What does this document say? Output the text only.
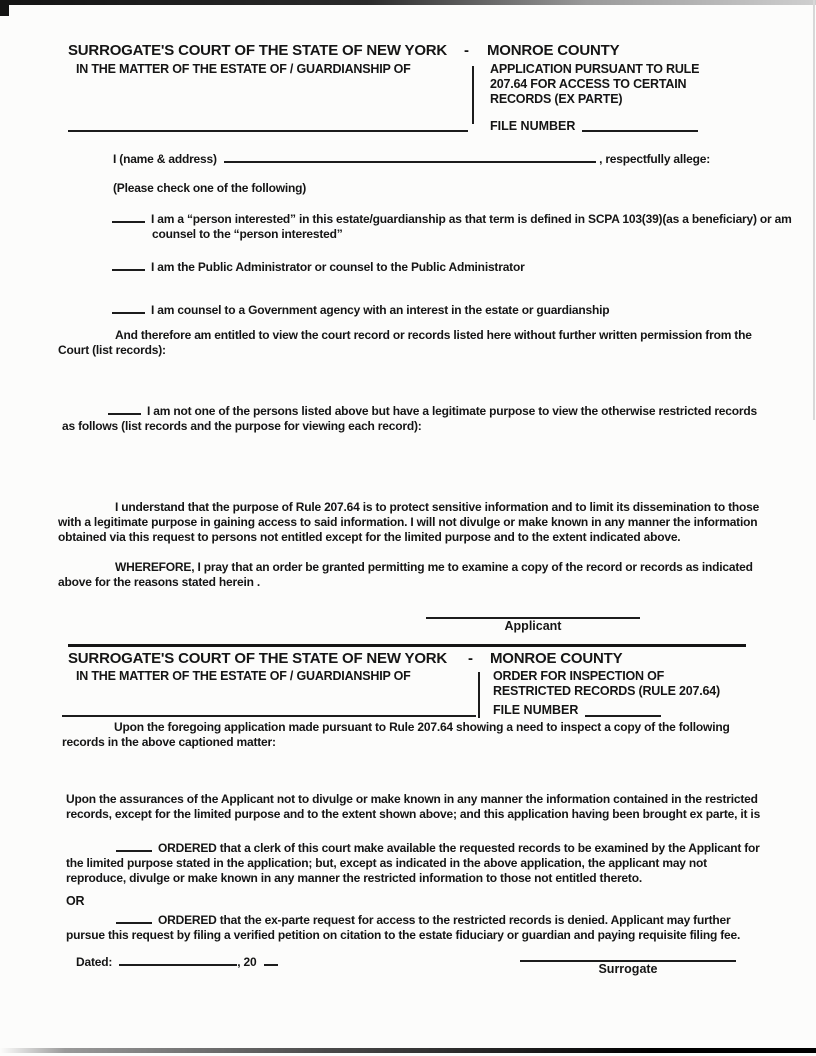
SURROGATE'S COURT OF THE STATE OF NEW YORK - MONROE COUNTY
IN THE MATTER OF THE ESTATE OF / GUARDIANSHIP OF	APPLICATION PURSUANT TO RULE 207.64 FOR ACCESS TO CERTAIN RECORDS (EX PARTE)
FILE NUMBER
I (name & address)	, respectfully allege:
(Please check one of the following)

I am a “person interested” in this estate/guardianship as that term is defined in SCPA 103(39)(as a beneficiary) or am counsel to the “person interested”

I am the Public Administrator or counsel to the Public Administrator

I am counsel to a Government agency with an interest in the estate or guardianship

And therefore am entitled to view the court record or records listed here without further written permission from the Court (list records):

I am not one of the persons listed above but have a legitimate purpose to view the otherwise restricted records as follows (list records and the purpose for viewing each record):

I understand that the purpose of Rule 207.64 is to protect sensitive information and to limit its dissemination to those with a legitimate purpose in gaining access to said information. I will not divulge or make known in any manner the information obtained via this request to persons not entitled except for the limited purpose and to the extent indicated above.

WHEREFORE, I pray that an order be granted permitting me to examine a copy of the record or records as indicated above for the reasons stated herein .

Applicant
SURROGATE'S COURT OF THE STATE OF NEW YORK - MONROE COUNTY
IN THE MATTER OF THE ESTATE OF / GUARDIANSHIP OF	ORDER FOR INSPECTION OF RESTRICTED RECORDS (RULE 207.64)
FILE NUMBER

Upon the foregoing application made pursuant to Rule 207.64 showing a need to inspect a copy of the following records in the above captioned matter:

Upon the assurances of the Applicant not to divulge or make known in any manner the information contained in the restricted records, except for the limited purpose and to the extent shown above; and this application having been brought ex parte, it is

ORDERED that a clerk of this court make available the requested records to be examined by the Applicant for the limited purpose stated in the application; but, except as indicated in the above application, the applicant may not reproduce, divulge or make known in any manner the restricted information to those not entitled thereto.

OR

ORDERED that the ex-parte request for access to the restricted records is denied. Applicant may further pursue this request by filing a verified petition on citation to the estate fiduciary or guardian and paying requisite filing fee.

Dated:	, 20	Surrogate
